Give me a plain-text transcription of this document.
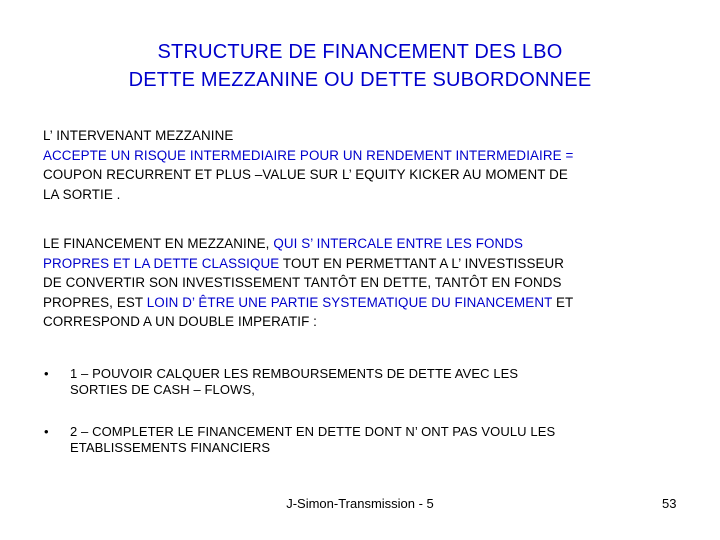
STRUCTURE DE FINANCEMENT DES LBO
DETTE MEZZANINE OU DETTE SUBORDONNEE
L’ INTERVENANT MEZZANINE
ACCEPTE UN RISQUE INTERMEDIAIRE POUR UN RENDEMENT INTERMEDIAIRE =
COUPON RECURRENT ET PLUS –VALUE SUR L’ EQUITY KICKER AU MOMENT DE
LA SORTIE .
LE FINANCEMENT EN MEZZANINE, QUI S’ INTERCALE ENTRE LES FONDS
PROPRES ET LA DETTE CLASSIQUE TOUT EN PERMETTANT A L’ INVESTISSEUR
DE CONVERTIR SON INVESTISSEMENT TANTÔT EN DETTE, TANTÔT EN FONDS
PROPRES, EST LOIN D’ ÊTRE UNE PARTIE SYSTEMATIQUE DU FINANCEMENT ET
CORRESPOND A UN DOUBLE IMPERATIF :
• 1 – POUVOIR CALQUER LES REMBOURSEMENTS DE DETTE AVEC LES
SORTIES DE CASH – FLOWS,
• 2 – COMPLETER LE FINANCEMENT EN DETTE DONT N’ ONT PAS VOULU LES
ETABLISSEMENTS FINANCIERS
J-Simon-Transmission - 5	53
